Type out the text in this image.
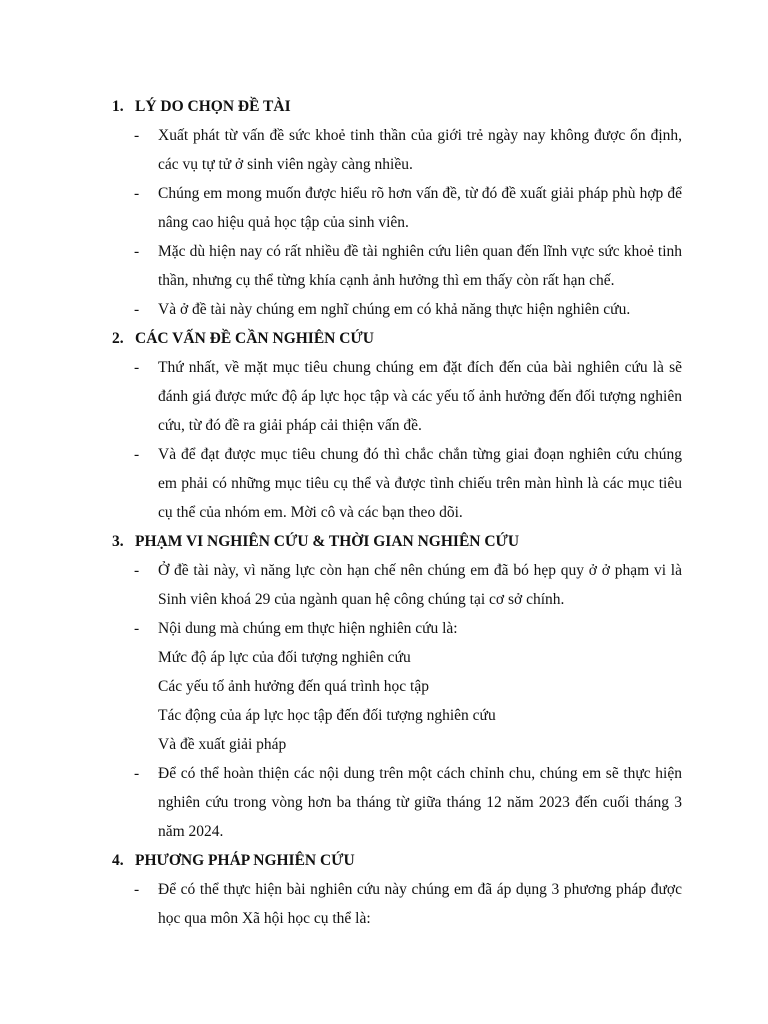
1. LÝ DO CHỌN ĐỀ TÀI
-	Xuất phát từ vấn đề sức khoẻ tinh thần của giới trẻ ngày nay không được ổn định, các vụ tự tử ở sinh viên ngày càng nhiều.
-	Chúng em mong muốn được hiểu rõ hơn vấn đề, từ đó đề xuất giải pháp phù hợp để nâng cao hiệu quả học tập của sinh viên.
-	Mặc dù hiện nay có rất nhiều đề tài nghiên cứu liên quan đến lĩnh vực sức khoẻ tinh thần, nhưng cụ thể từng khía cạnh ảnh hưởng thì em thấy còn rất hạn chế.
-	Và ở đề tài này chúng em nghĩ chúng em có khả năng thực hiện nghiên cứu.
2. CÁC VẤN ĐỀ CẦN NGHIÊN CỨU
-	Thứ nhất, về mặt mục tiêu chung chúng em đặt đích đến của bài nghiên cứu là sẽ đánh giá được mức độ áp lực học tập và các yếu tố ảnh hưởng đến đối tượng nghiên cứu, từ đó đề ra giải pháp cải thiện vấn đề.
-	Và để đạt được mục tiêu chung đó thì chắc chắn từng giai đoạn nghiên cứu chúng em phải có những mục tiêu cụ thể và được tình chiếu trên màn hình là các mục tiêu cụ thể của nhóm em. Mời cô và các bạn theo dõi.
3. PHẠM VI NGHIÊN CỨU & THỜI GIAN NGHIÊN CỨU
-	Ở đề tài này, vì năng lực còn hạn chế nên chúng em đã bó hẹp quy ở ở phạm vi là Sinh viên khoá 29 của ngành quan hệ công chúng tại cơ sở chính.
-	Nội dung mà chúng em thực hiện nghiên cứu là:
Mức độ áp lực của đối tượng nghiên cứu
Các yếu tố ảnh hưởng đến quá trình học tập
Tác động của áp lực học tập đến đối tượng nghiên cứu
Và đề xuất giải pháp
-	Để có thể hoàn thiện các nội dung trên một cách chỉnh chu, chúng em sẽ thực hiện nghiên cứu trong vòng hơn ba tháng từ giữa tháng 12 năm 2023 đến cuối tháng 3 năm 2024.
4. PHƯƠNG PHÁP NGHIÊN CỨU
-	Để có thể thực hiện bài nghiên cứu này chúng em đã áp dụng 3 phương pháp được học qua môn Xã hội học cụ thể là:
